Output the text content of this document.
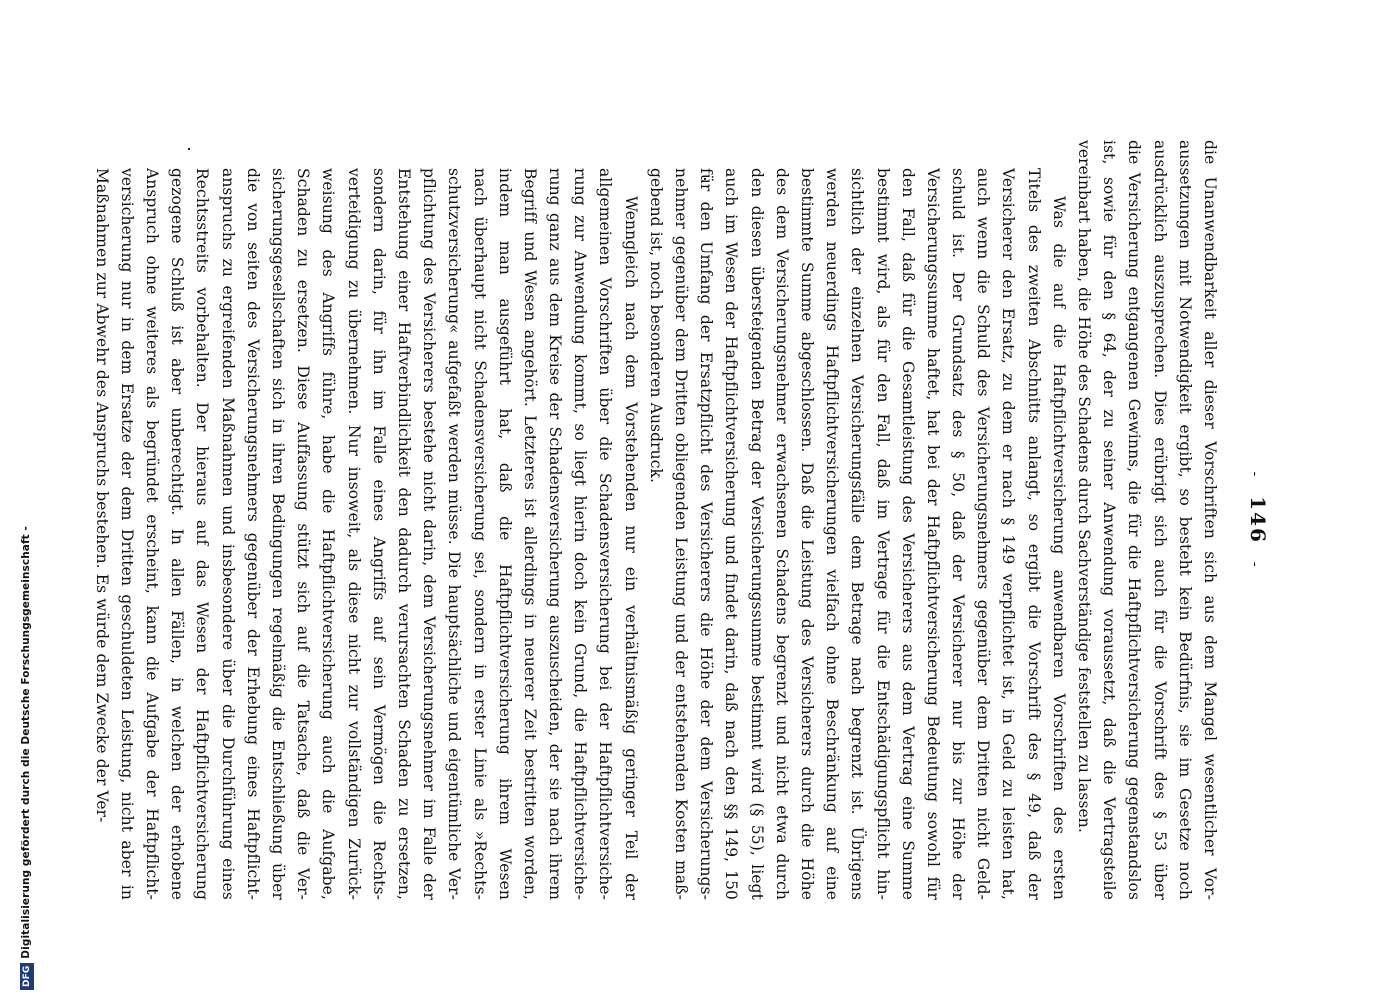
-  146  -

die Unanwendbarkeit aller dieser Vorschriften sich aus dem Mangel wesentlicher Vor-
aussetzungen mit Notwendigkeit ergibt, so besteht kein Bedürfnis, sie im Gesetze noch
ausdrücklich auszusprechen. Dies erübrigt sich auch für die Vorschrift des § 53 über
die Versicherung entgangenen Gewinns, die für die Haftpflichtversicherung gegenstandslos
ist, sowie für den § 64, der zu seiner Anwendung voraussetzt, daß die Vertragsteile
vereinbart haben, die Höhe des Schadens durch Sachverständige feststellen zu lassen.
Was die auf die Haftpflichtversicherung anwendbaren Vorschriften des ersten
Titels des zweiten Abschnitts anlangt, so ergibt die Vorschrift des § 49, daß der
Versicherer den Ersatz, zu dem er nach § 149 verpflichtet ist, in Geld zu leisten hat,
auch wenn die Schuld des Versicherungsnehmers gegenüber dem Dritten nicht Geld-
schuld ist. Der Grundsatz des § 50, daß der Versicherer nur bis zur Höhe der
Versicherungssumme haftet, hat bei der Haftpflichtversicherung Bedeutung sowohl für
den Fall, daß für die Gesamtleistung des Versicherers aus dem Vertrag eine Summe
bestimmt wird, als für den Fall, daß im Vertrage für die Entschädigungspflicht hin-
sichtlich der einzelnen Versicherungsfälle dem Betrage nach begrenzt ist. Übrigens
werden neuerdings Haftpflichtversicherungen vielfach ohne Beschränkung auf eine
bestimmte Summe abgeschlossen. Daß die Leistung des Versicherers durch die Höhe
des dem Versicherungsnehmer erwachsenen Schadens begrenzt und nicht etwa durch
den diesen übersteigenden Betrag der Versicherungssumme bestimmt wird (§ 55), liegt
auch im Wesen der Haftpflichtversicherung und findet darin, daß nach den §§ 149, 150
für den Umfang der Ersatzpflicht des Versicherers die Höhe der dem Versicherungs-
nehmer gegenüber dem Dritten obliegenden Leistung und der entstehenden Kosten maß-
gebend ist, noch besonderen Ausdruck.
Wenngleich nach dem Vorstehenden nur ein verhältnismäßig geringer Teil der
allgemeinen Vorschriften über die Schadensversicherung bei der Haftpflichtversiche-
rung zur Anwendung kommt, so liegt hierin doch kein Grund, die Haftpflichtversiche-
rung ganz aus dem Kreise der Schadensversicherung auszuscheiden, der sie nach ihrem
Begriff und Wesen angehört. Letzteres ist allerdings in neuerer Zeit bestritten worden,
indem man ausgeführt hat, daß die Haftpflichtversicherung ihrem Wesen
nach überhaupt nicht Schadensversicherung sei, sondern in erster Linie als »Rechts-
schutzversicherung« aufgefaßt werden müsse. Die hauptsächliche und eigentümliche Ver-
pflichtung des Versicherers bestehe nicht darin, dem Versicherungsnehmer im Falle der
Entstehung einer Haftverbindlichkeit den dadurch verursachten Schaden zu ersetzen,
sondern darin, für ihn im Falle eines Angriffs auf sein Vermögen die Rechts-
verteidigung zu übernehmen. Nur insoweit, als diese nicht zur vollständigen Zurück-
weisung des Angriffs führe, habe die Haftpflichtversicherung auch die Aufgabe,
Schaden zu ersetzen. Diese Auffassung stützt sich auf die Tatsache, daß die Ver-
sicherungsgesellschaften sich in ihren Bedingungen regelmäßig die Entschließung über
die von seiten des Versicherungsnehmers gegenüber der Erhebung eines Haftpflicht-
anspruchs zu ergreifenden Maßnahmen und insbesondere über die Durchführung eines
Rechtsstreits vorbehalten. Der hieraus auf das Wesen der Haftpflichtversicherung
gezogene Schluß ist aber unberechtigt. In allen Fällen, in welchen der erhobene
Anspruch ohne weiteres als begründet erscheint, kann die Aufgabe der Haftpflicht-
versicherung nur in dem Ersatze der dem Dritten geschuldeten Leistung, nicht aber in
Maßnahmen zur Abwehr des Anspruchs bestehen. Es würde dem Zwecke der Ver-
DFGDigitalisierung gefördert durch die Deutsche Forschungsgemeinschaft -
